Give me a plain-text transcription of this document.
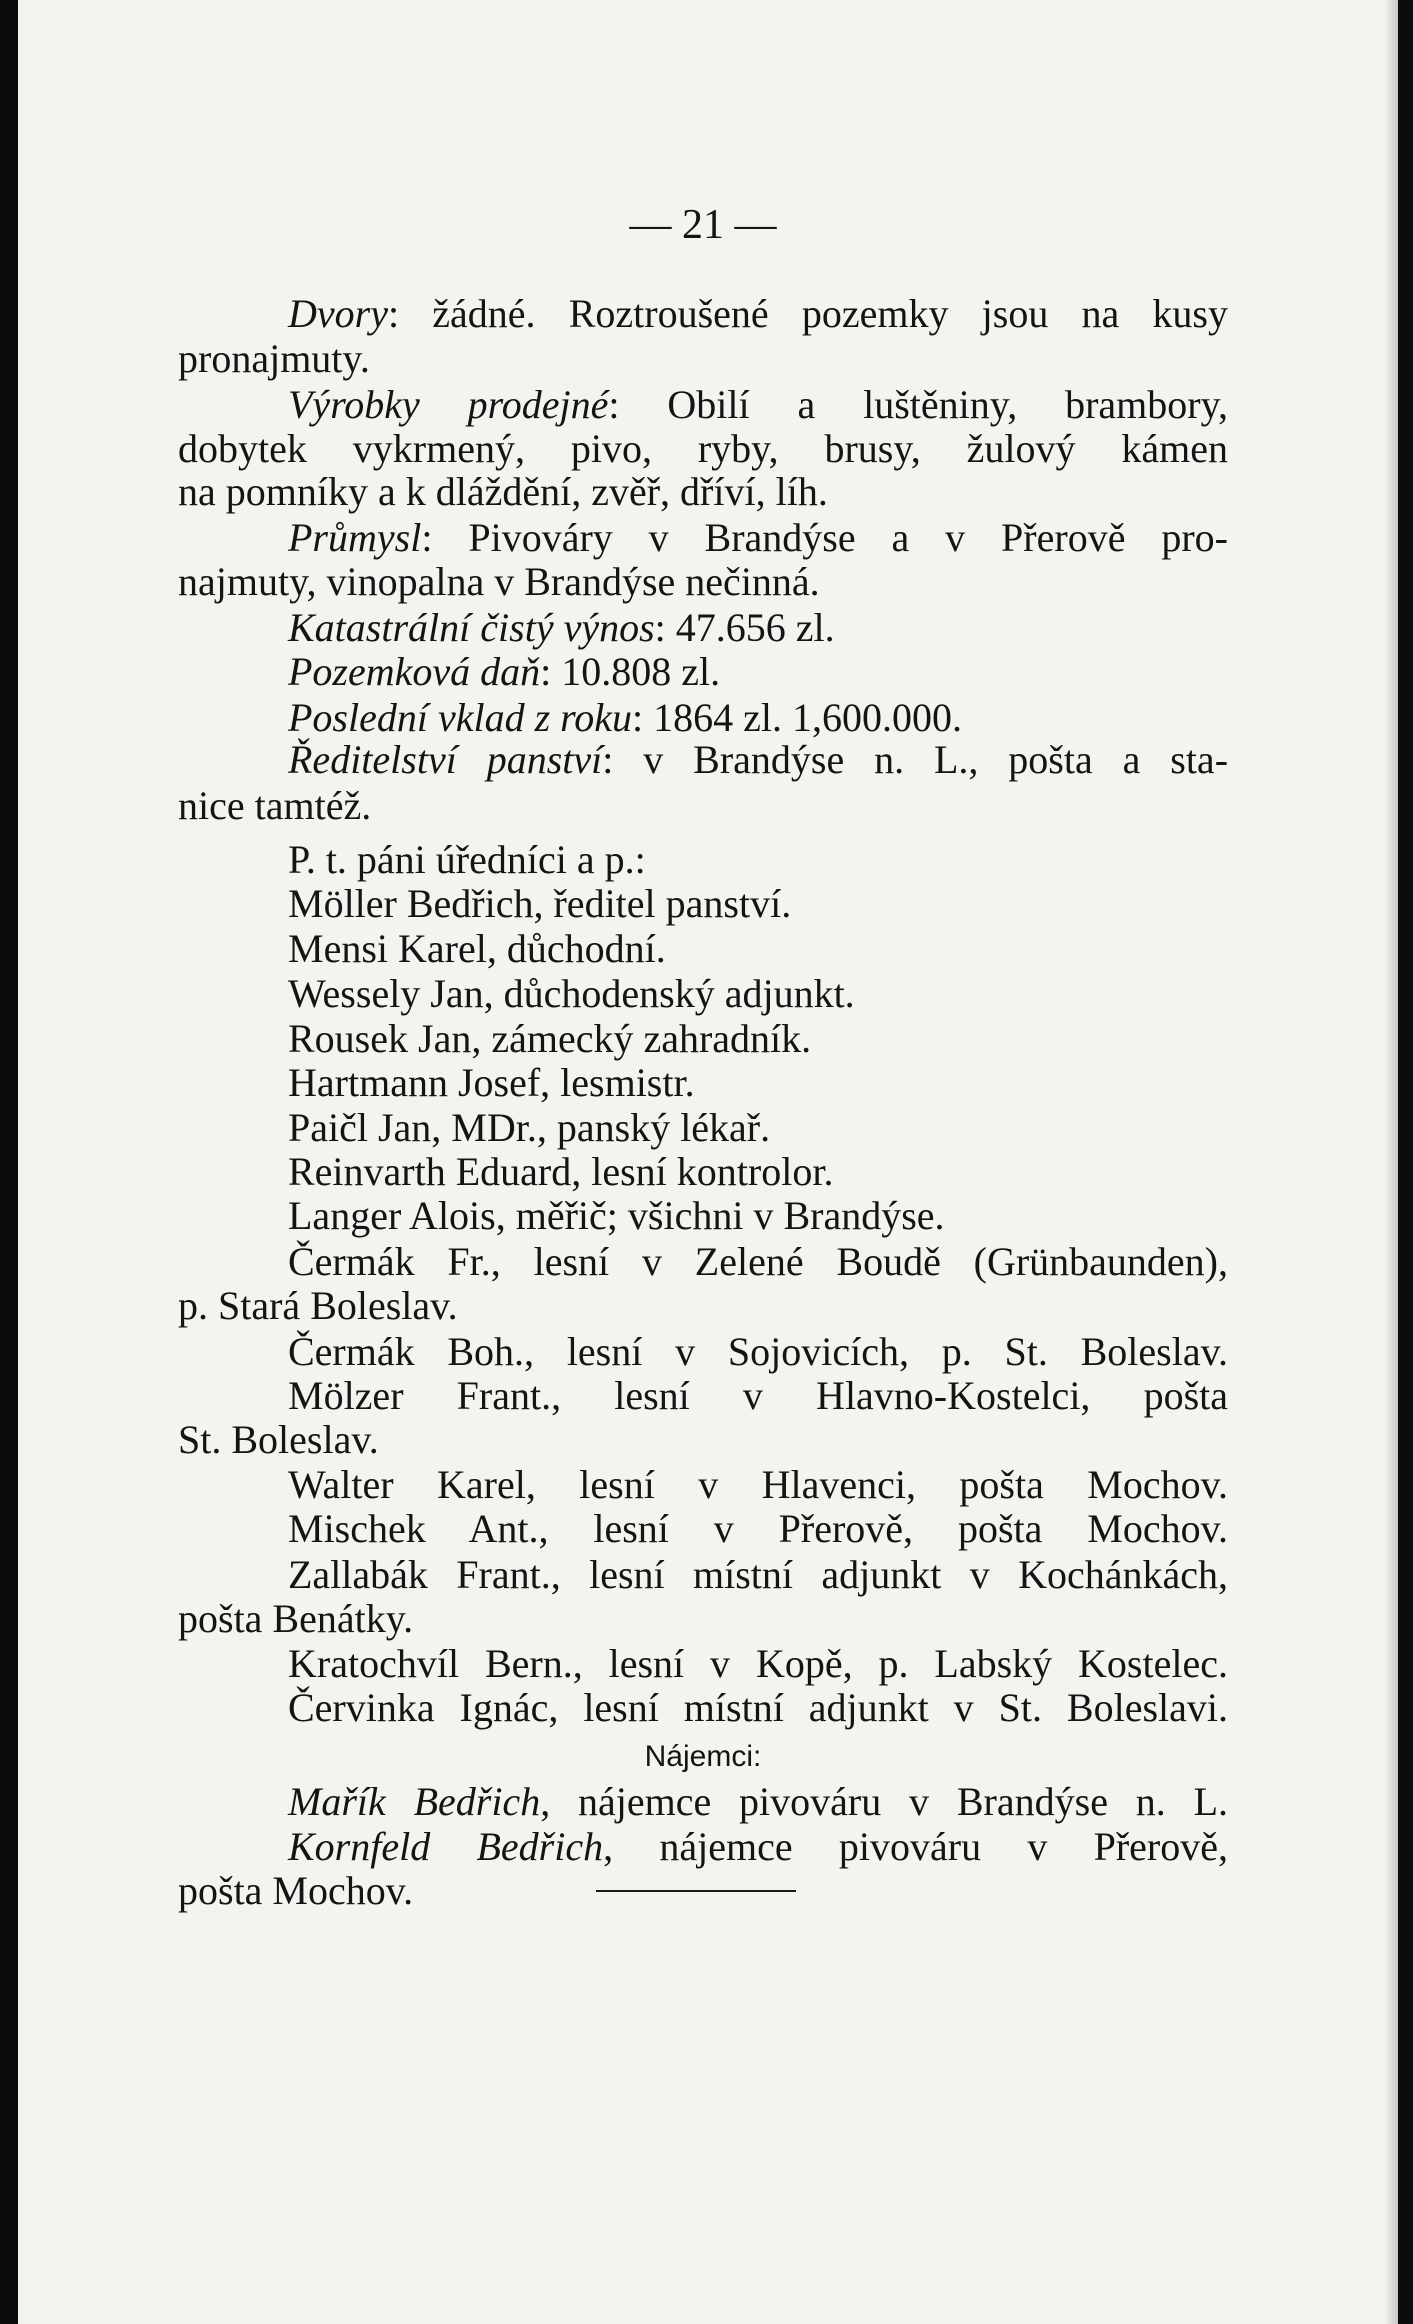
— 21 —
Dvory: žádné. Roztroušené pozemky jsou na kusy
pronajmuty.
Výrobky prodejné: Obilí a luštěniny, brambory,
dobytek vykrmený, pivo, ryby, brusy, žulový kámen
na pomníky a k dláždění, zvěř, dříví, líh.
Průmysl: Pivováry v Brandýse a v Přerově pro-
najmuty, vinopalna v Brandýse nečinná.
Katastrální čistý výnos: 47.656 zl.
Pozemková daň: 10.808 zl.
Poslední vklad z roku: 1864 zl. 1,600.000.
Ředitelství panství: v Brandýse n. L., pošta a sta-
nice tamtéž.
P. t. páni úředníci a p.:
Möller Bedřich, ředitel panství.
Mensi Karel, důchodní.
Wessely Jan, důchodenský adjunkt.
Rousek Jan, zámecký zahradník.
Hartmann Josef, lesmistr.
Paičl Jan, MDr., panský lékař.
Reinvarth Eduard, lesní kontrolor.
Langer Alois, měřič; všichni v Brandýse.
Čermák Fr., lesní v Zelené Boudě (Grünbaunden),
p. Stará Boleslav.
Čermák Boh., lesní v Sojovicích, p. St. Boleslav.
Mölzer Frant., lesní v Hlavno-Kostelci, pošta
St. Boleslav.
Walter Karel, lesní v Hlavenci, pošta Mochov.
Mischek Ant., lesní v Přerově, pošta Mochov.
Zallabák Frant., lesní místní adjunkt v Kochánkách,
pošta Benátky.
Kratochvíl Bern., lesní v Kopě, p. Labský Kostelec.
Červinka Ignác, lesní místní adjunkt v St. Boleslavi.
Nájemci:
Mařík Bedřich, nájemce pivováru v Brandýse n. L.
Kornfeld Bedřich, nájemce pivováru v Přerově,
pošta Mochov.
